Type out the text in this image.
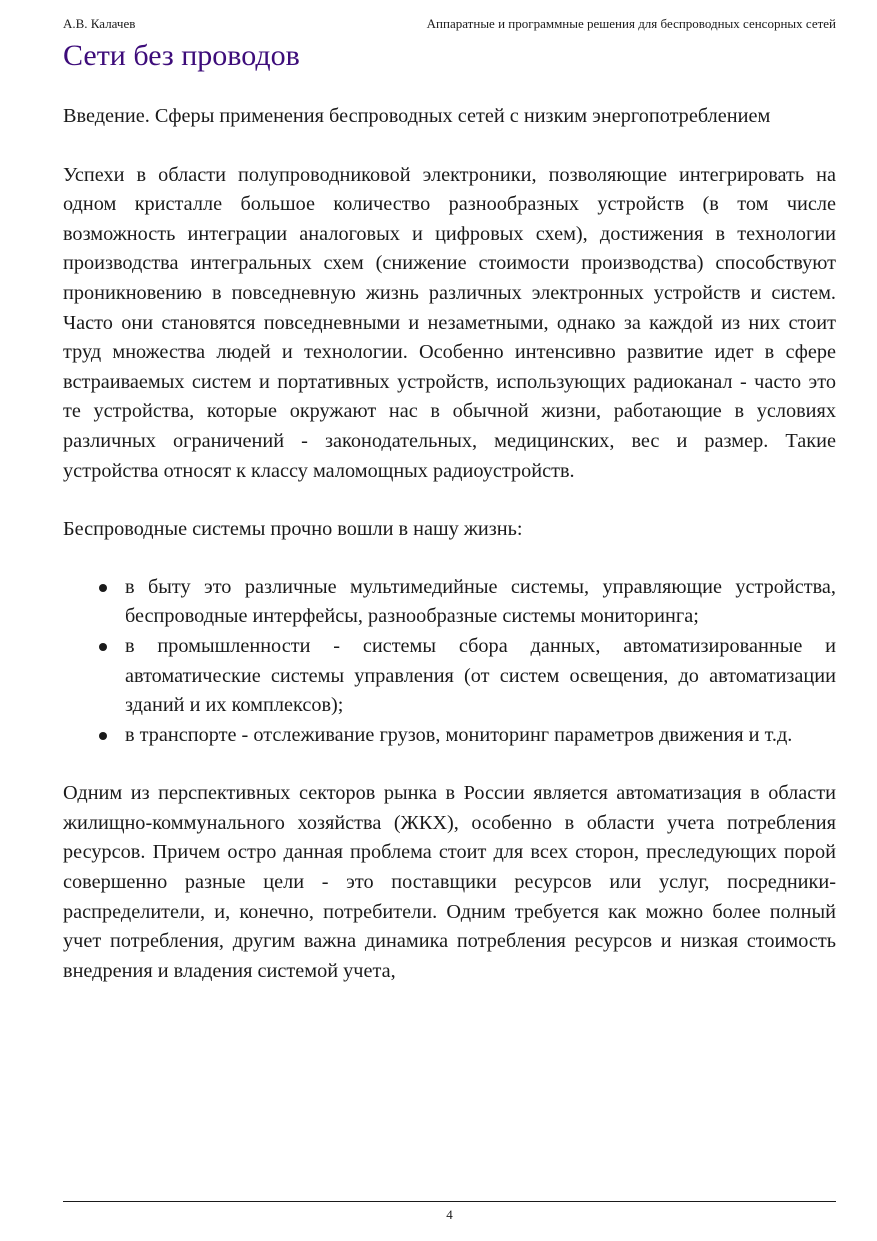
А.В. Калачев	Аппаратные и программные решения для беспроводных сенсорных сетей
Сети без проводов

Введение. Сферы применения беспроводных сетей с низким энергопотреблением

Успехи в области полупроводниковой электроники, позволяющие интегрировать на одном кристалле большое количество разнообразных устройств (в том числе возможность интеграции аналоговых и цифровых схем), достижения в технологии производства интегральных схем (снижение стоимости производства) способствуют проникновению в повседневную жизнь различных электронных устройств и систем. Часто они становятся повседневными и незаметными, однако за каждой из них стоит труд множества людей и технологии. Особенно интенсивно развитие идет в сфере встраиваемых систем и портативных устройств, использующих радиоканал - часто это те устройства, которые окружают нас в обычной жизни, работающие в условиях различных ограничений - законодательных, медицинских, вес и размер. Такие устройства относят к классу маломощных радиоустройств.

Беспроводные системы прочно вошли в нашу жизнь:

в быту это различные мультимедийные системы, управляющие устройства, беспроводные интерфейсы, разнообразные системы мониторинга;
в промышленности - системы сбора данных, автоматизированные и автоматические системы управления (от систем освещения, до автоматизации зданий и их комплексов);
в транспорте - отслеживание грузов, мониторинг параметров движения и т.д.

Одним из перспективных секторов рынка в России является автоматизация в области жилищно-коммунального хозяйства (ЖКХ), особенно в области учета потребления ресурсов. Причем остро данная проблема стоит для всех сторон, преследующих порой совершенно разные цели - это поставщики ресурсов или услуг, посредники-распределители, и, конечно, потребители. Одним требуется как можно более полный учет потребления, другим важна динамика потребления ресурсов и низкая стоимость внедрения и владения системой учета,

4
